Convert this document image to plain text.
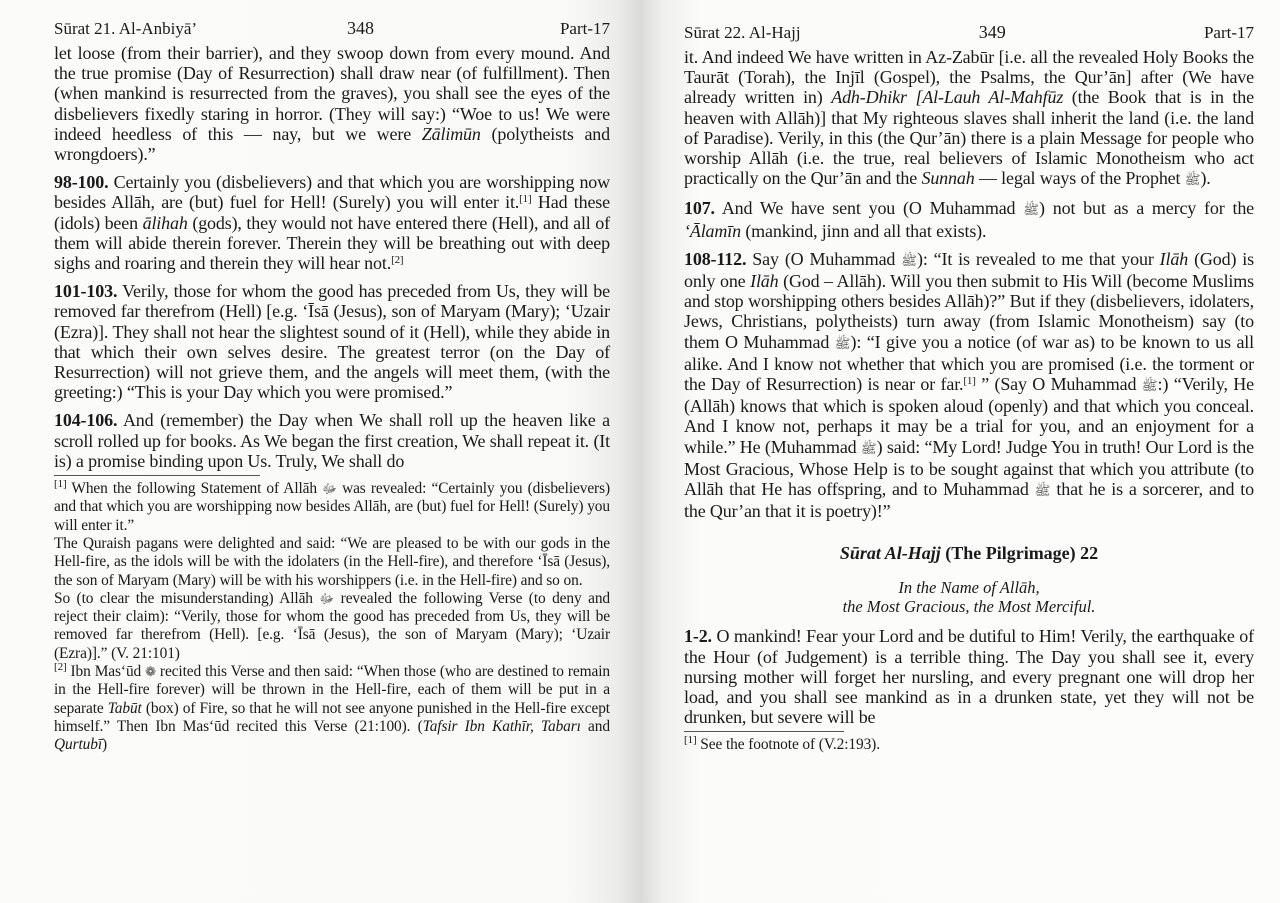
Sūrat 21. Al-Anbiyā’	348	Part-17

let loose (from their barrier), and they swoop down from every mound. And the true promise (Day of Resurrection) shall draw near (of fulfillment). Then (when mankind is resurrected from the graves), you shall see the eyes of the disbelievers fixedly staring in horror. (They will say:) “Woe to us! We were indeed heedless of this — nay, but we were Zālimūn (polytheists and wrongdoers).”

98-100. Certainly you (disbelievers) and that which you are worshipping now besides Allāh, are (but) fuel for Hell! (Surely) you will enter it.[1] Had these (idols) been ālihah (gods), they would not have entered there (Hell), and all of them will abide therein forever. Therein they will be breathing out with deep sighs and roaring and therein they will hear not.[2]

101-103. Verily, those for whom the good has preceded from Us, they will be removed far therefrom (Hell) [e.g. ‘Īsā (Jesus), son of Maryam (Mary); ‘Uzair (Ezra)]. They shall not hear the slightest sound of it (Hell), while they abide in that which their own selves desire. The greatest terror (on the Day of Resurrection) will not grieve them, and the angels will meet them, (with the greeting:) “This is your Day which you were promised.”

104-106. And (remember) the Day when We shall roll up the heaven like a scroll rolled up for books. As We began the first creation, We shall repeat it. (It is) a promise binding upon Us. Truly, We shall do

[1] When the following Statement of Allāh ﷻ was revealed: “Certainly you (disbelievers) and that which you are worshipping now besides Allāh, are (but) fuel for Hell! (Surely) you will enter it.”

The Quraish pagans were delighted and said: “We are pleased to be with our gods in the Hell-fire, as the idols will be with the idolaters (in the Hell-fire), and therefore ‘Īsā (Jesus), the son of Maryam (Mary) will be with his worshippers (i.e. in the Hell-fire) and so on.

So (to clear the misunderstanding) Allāh ﷻ revealed the following Verse (to deny and reject their claim): “Verily, those for whom the good has preceded from Us, they will be removed far therefrom (Hell). [e.g. ‘Īsā (Jesus), the son of Maryam (Mary); ‘Uzair (Ezra)].” (V. 21:101)

[2] Ibn Mas‘ūd ❁ recited this Verse and then said: “When those (who are destined to remain in the Hell-fire forever) will be thrown in the Hell-fire, each of them will be put in a separate Tabūt (box) of Fire, so that he will not see anyone punished in the Hell-fire except himself.” Then Ibn Mas‘ūd recited this Verse (21:100). (Tafsir Ibn Kathīr, Tabarı and Qurtubī)

Sūrat 22. Al-Hajj	349	Part-17

it. And indeed We have written in Az-Zabūr [i.e. all the revealed Holy Books the Taurāt (Torah), the Injīl (Gospel), the Psalms, the Qur’ān] after (We have already written in) Adh-Dhikr [Al-Lauh Al-Mahfūz (the Book that is in the heaven with Allāh)] that My righteous slaves shall inherit the land (i.e. the land of Paradise). Verily, in this (the Qur’ān) there is a plain Message for people who worship Allāh (i.e. the true, real believers of Islamic Monotheism who act practically on the Qur’ān and the Sunnah — legal ways of the Prophet ﷺ).

107. And We have sent you (O Muhammad ﷺ) not but as a mercy for the ‘Ālamīn (mankind, jinn and all that exists).

108-112. Say (O Muhammad ﷺ): “It is revealed to me that your Ilāh (God) is only one Ilāh (God – Allāh). Will you then submit to His Will (become Muslims and stop worshipping others besides Allāh)?” But if they (disbelievers, idolaters, Jews, Christians, polytheists) turn away (from Islamic Monotheism) say (to them O Muhammad ﷺ): “I give you a notice (of war as) to be known to us all alike. And I know not whether that which you are promised (i.e. the torment or the Day of Resurrection) is near or far.[1] ” (Say O Muhammad ﷺ:) “Verily, He (Allāh) knows that which is spoken aloud (openly) and that which you conceal. And I know not, perhaps it may be a trial for you, and an enjoyment for a while.” He (Muhammad ﷺ) said: “My Lord! Judge You in truth! Our Lord is the Most Gracious, Whose Help is to be sought against that which you attribute (to Allāh that He has offspring, and to Muhammad ﷺ that he is a sorcerer, and to the Qur’an that it is poetry)!”

Sūrat Al-Hajj (The Pilgrimage) 22
In the Name of Allāh,
the Most Gracious, the Most Merciful.

1-2. O mankind! Fear your Lord and be dutiful to Him! Verily, the earthquake of the Hour (of Judgement) is a terrible thing. The Day you shall see it, every nursing mother will forget her nursling, and every pregnant one will drop her load, and you shall see mankind as in a drunken state, yet they will not be drunken, but severe will be

[1] See the footnote of (V.2:193).
